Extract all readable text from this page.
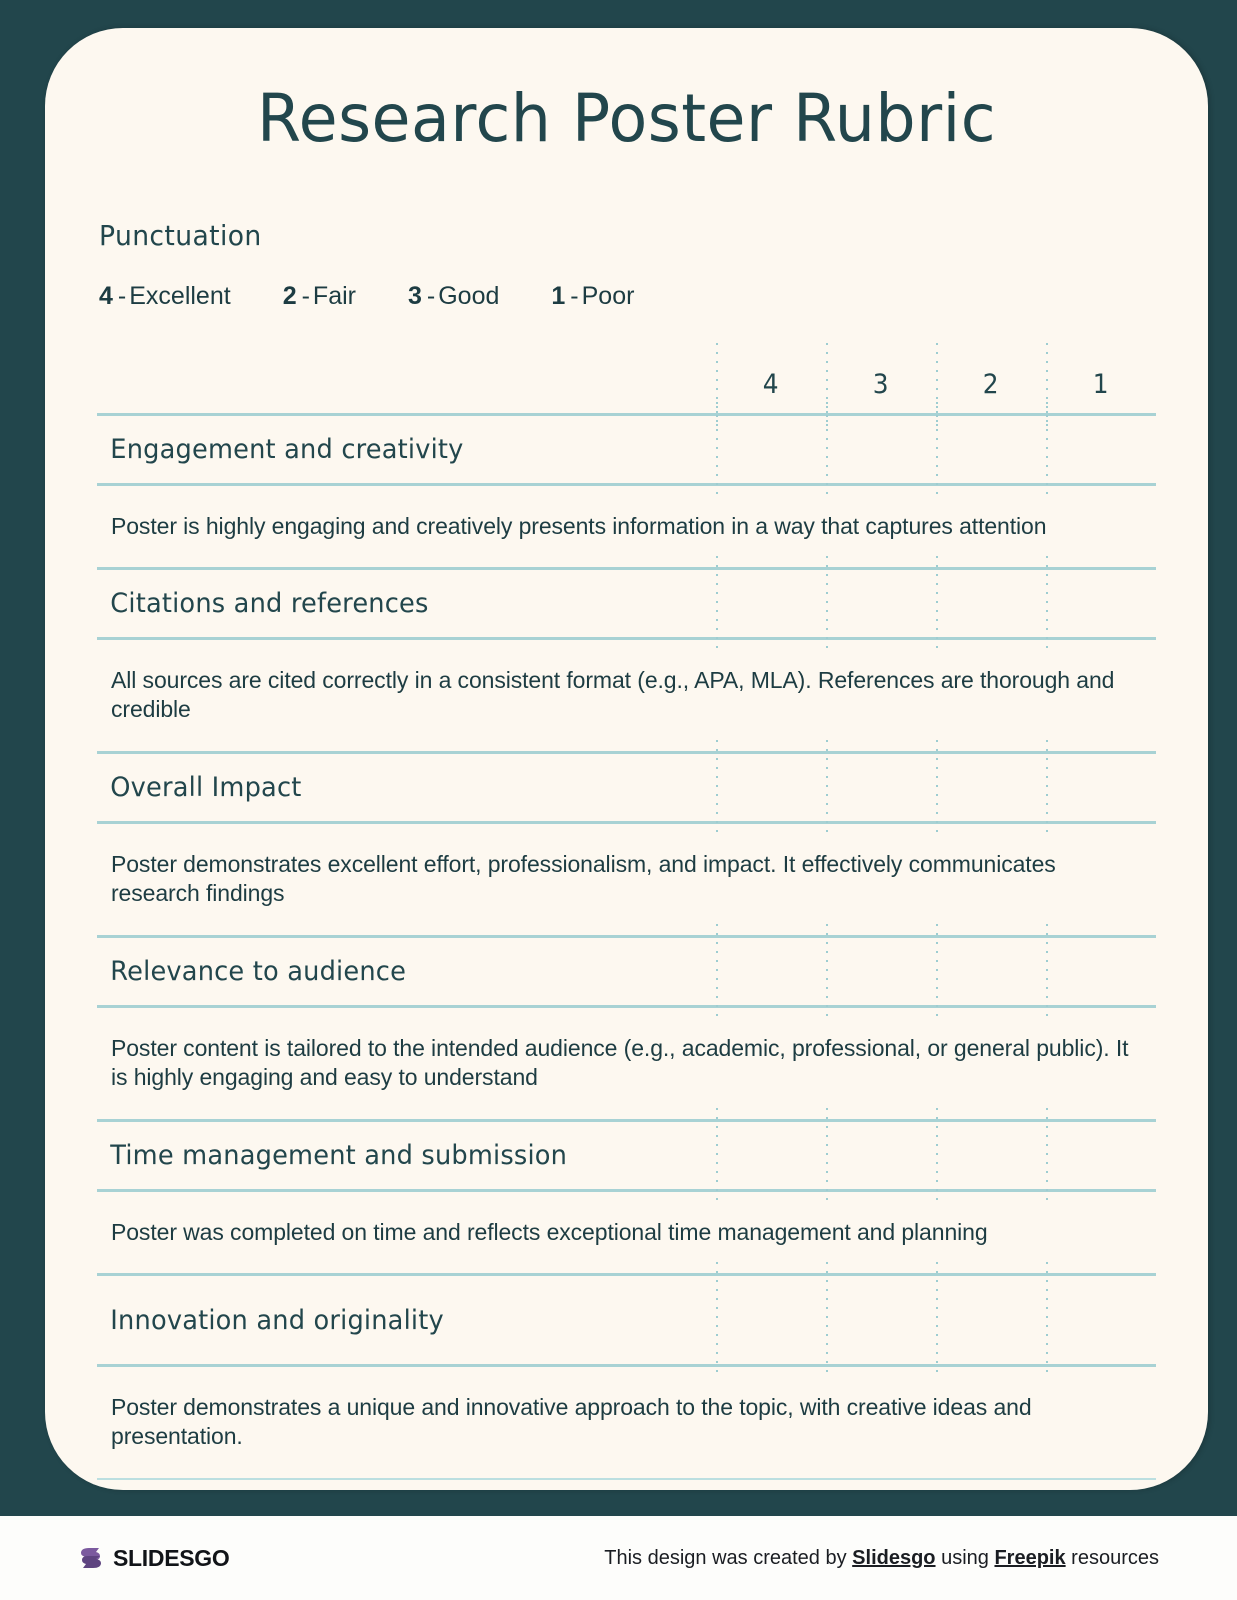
Research Poster Rubric
Punctuation
4 - Excellent 2 - Fair 3 - Good 1 - Poor
4	3	2	1
Engagement and creativity
Poster is highly engaging and creatively presents information in a way that captures attention
Citations and references
All sources are cited correctly in a consistent format (e.g., APA, MLA). References are thorough and credible
Overall Impact
Poster demonstrates excellent effort, professionalism, and impact. It effectively communicates research findings
Relevance to audience
Poster content is tailored to the intended audience (e.g., academic, professional, or general public). It is highly engaging and easy to understand
Time management and submission
Poster was completed on time and reflects exceptional time management and planning
Innovation and originality
Poster demonstrates a unique and innovative approach to the topic, with creative ideas and presentation.
SLIDESGO	This design was created by Slidesgo using Freepik resources
